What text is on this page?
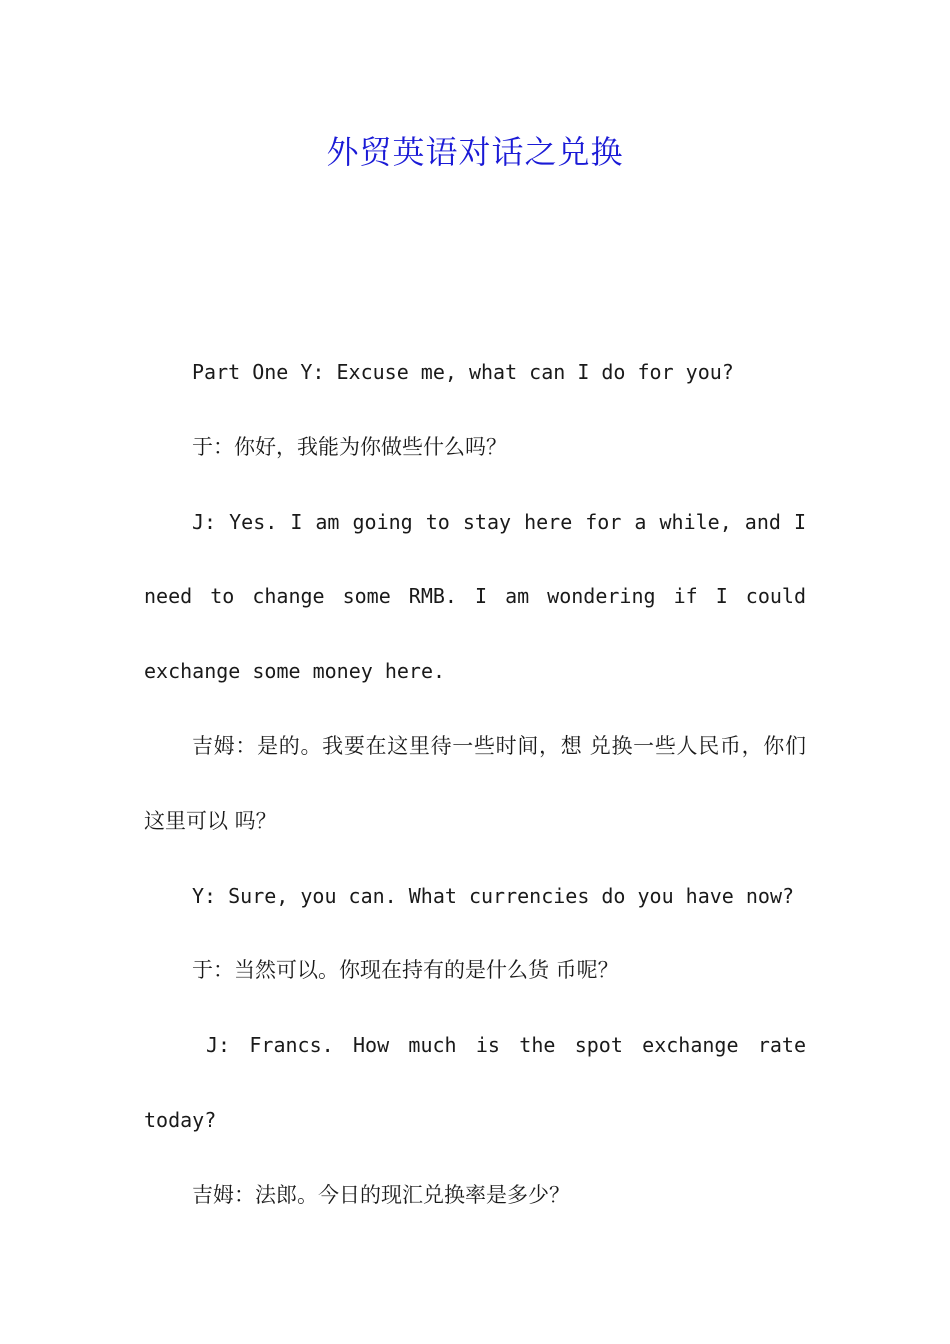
外贸英语对话之兑换

Part One Y: Excuse me, what can I do for you?

于：你好，我能为你做些什么吗？

J: Yes. I am going to stay here for a while, and I need to change some RMB. I am wondering if I could exchange some money here.

吉姆：是的。我要在这里待一些时间，想 兑换一些人民币，你们这里可以 吗？

Y: Sure, you can. What currencies do you have now?

于：当然可以。你现在持有的是什么货 币呢？

J: Francs. How much is the spot exchange rate today?

吉姆：法郎。今日的现汇兑换率是多少？
